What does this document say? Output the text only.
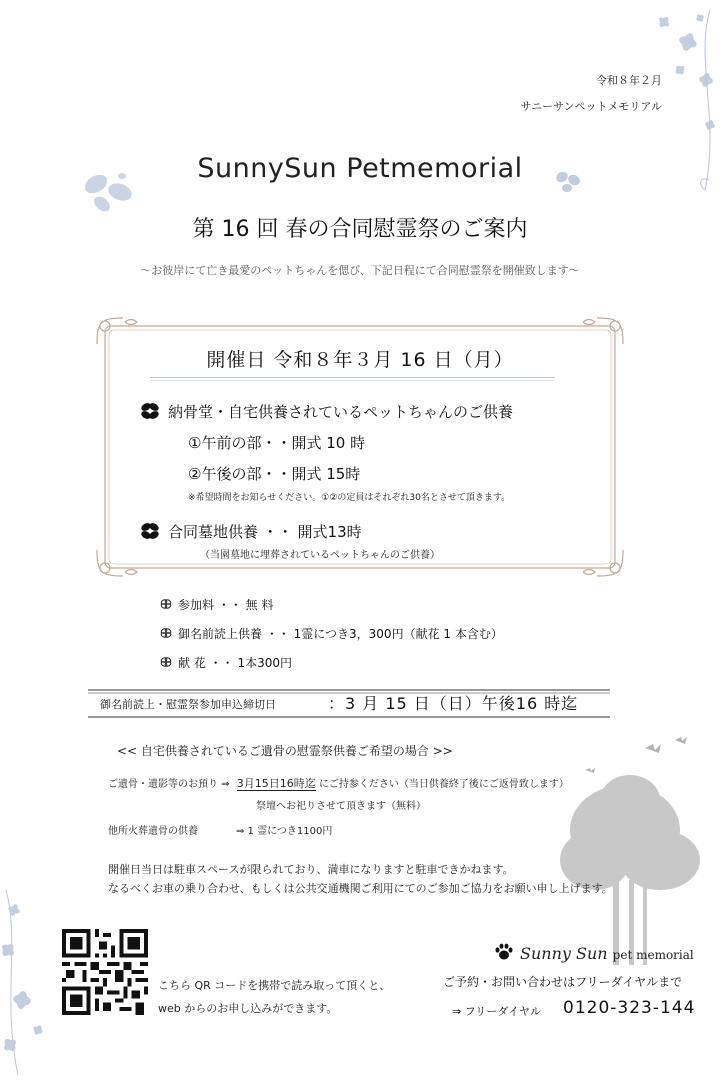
令和８年２月
サニーサンペットメモリアル
SunnySun Petmemorial
第 16 回 春の合同慰霊祭のご案内
〜お彼岸にて亡き最愛のペットちゃんを偲び、下記日程にて合同慰霊祭を開催致します〜
開催日 令和８年３月 16 日（月）
納骨堂・自宅供養されているペットちゃんのご供養
①午前の部・・開式 10 時
②午後の部・・開式 15時
※希望時間をお知らせください。①②の定員はそれぞれ30名とさせて頂きます。
合同墓地供養 ・・ 開式13時
（当園墓地に埋葬されているペットちゃんのご供養）
参加料 ・・ 無 料
御名前読上供養 ・・ 1霊につき3，300円（献花 1 本含む）
献 花 ・・ 1本300円
御名前読上・慰霊祭参加申込締切日	：3 月 15 日（日）午後16 時迄
<< 自宅供養されているご遺骨の慰霊祭供養ご希望の場合 >>
ご遺骨・遺影等のお預り ⇒ 3月15日16時迄 にご持参ください（当日供養終了後にご返骨致します）
祭壇へお祀りさせて頂きます（無料）
他所火葬遺骨の供養	⇒ 1 霊につき1100円
開催日当日は駐車スペースが限られており、満車になりますと駐車できかねます。
なるべくお車の乗り合わせ、もしくは公共交通機関ご利用にてのご参加ご協力をお願い申し上げます。
こちら QR コードを携帯で読み取って頂くと、
web からのお申し込みができます。
Sunny Sun pet memorial
ご予約・お問い合わせはフリーダイヤルまで
⇒ フリーダイヤル 0120-323-144
